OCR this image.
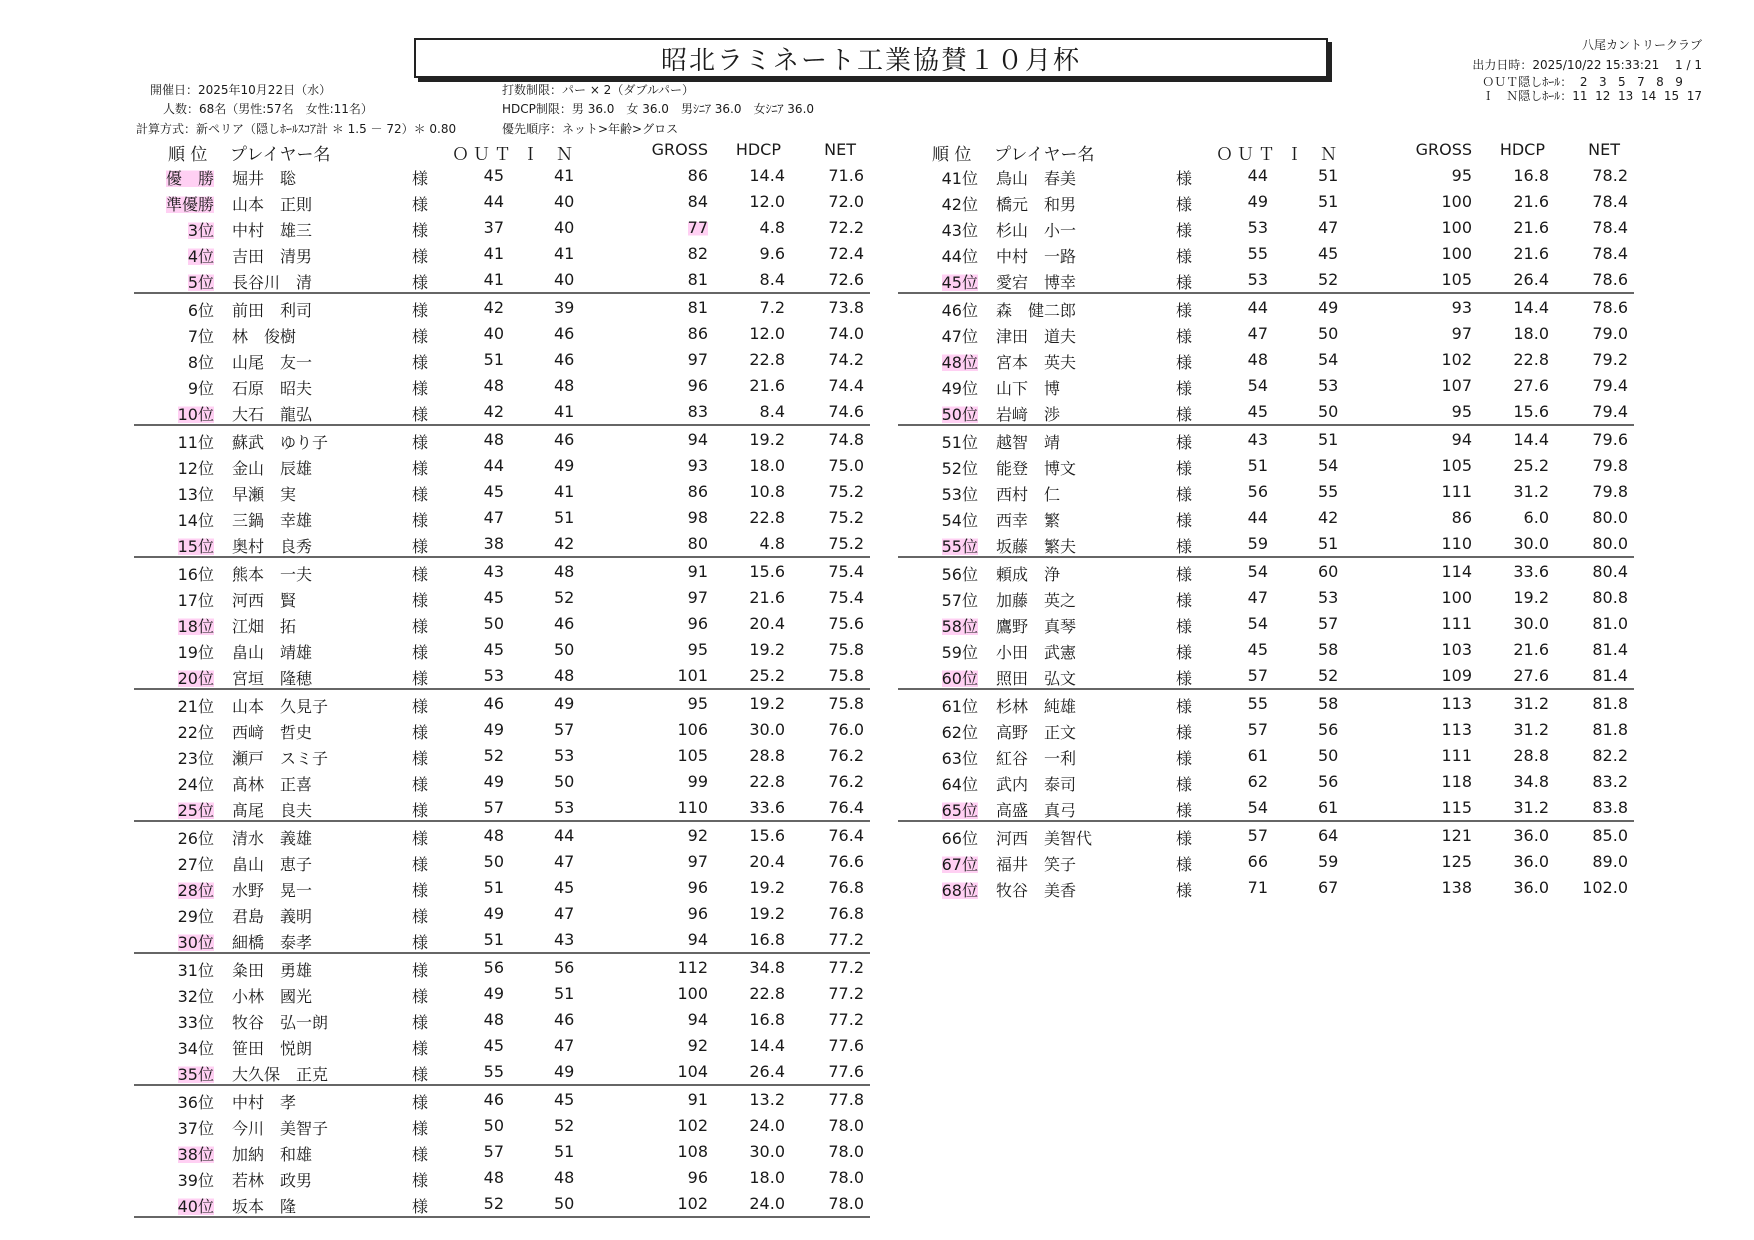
昭北ラミネート工業協賛１０月杯
八尾カントリークラブ
出力日時：2025/10/22 15:33:21　 1 / 1
ＯＵＴ隠しﾎｰﾙ：  2   3   5   7   8   9
Ｉ　Ｎ隠しﾎｰﾙ：11  12  13  14  15  17
開催日：2025年10月22日（水）
人数：68名（男性:57名　女性:11名）
計算方式：新ペリア（隠しﾎｰﾙｽｺｱ計 ＊ 1.5 － 72）＊ 0.80
打数制限：パー × 2（ダブルパー）
HDCP制限：男 36.0　女 36.0　男ｼﾆｱ 36.0　女ｼﾆｱ 36.0
優先順序：ネット>年齢>グロス
順 位 プレイヤー名	ＯＵＴ Ｉ　Ｎ	GROSS HDCP	NET
優　勝 堀井　聡	様	45	41	86	14.4	71.6
準優勝 山本　正則	様	44	40	84	12.0	72.0
3位 中村　雄三	様	37	40	77	4.8	72.2
4位 吉田　清男	様	41	41	82	9.6	72.4
5位 長谷川　清	様	41	40	81	8.4	72.6
6位 前田　利司	様	42	39	81	7.2	73.8
7位 林　俊樹	様	40	46	86	12.0	74.0
8位 山尾　友一	様	51	46	97	22.8	74.2
9位 石原　昭夫	様	48	48	96	21.6	74.4
10位 大石　龍弘	様	42	41	83	8.4	74.6
11位 蘇武　ゆり子	様	48	46	94	19.2	74.8
12位 金山　辰雄	様	44	49	93	18.0	75.0
13位 早瀬　実	様	45	41	86	10.8	75.2
14位 三鍋　幸雄	様	47	51	98	22.8	75.2
15位 奥村　良秀	様	38	42	80	4.8	75.2
16位 熊本　一夫	様	43	48	91	15.6	75.4
17位 河西　賢	様	45	52	97	21.6	75.4
18位 江畑　拓	様	50	46	96	20.4	75.6
19位 畠山　靖雄	様	45	50	95	19.2	75.8
20位 宮垣　隆穂	様	53	48	101	25.2	75.8
21位 山本　久見子	様	46	49	95	19.2	75.8
22位 西﨑　哲史	様	49	57	106	30.0	76.0
23位 瀬戸　スミ子	様	52	53	105	28.8	76.2
24位 髙林　正喜	様	49	50	99	22.8	76.2
25位 髙尾　良夫	様	57	53	110	33.6	76.4
26位 清水　義雄	様	48	44	92	15.6	76.4
27位 畠山　恵子	様	50	47	97	20.4	76.6
28位 水野　晃一	様	51	45	96	19.2	76.8
29位 君島　義明	様	49	47	96	19.2	76.8
30位 細橋　泰孝	様	51	43	94	16.8	77.2
31位 粂田　勇雄	様	56	56	112	34.8	77.2
32位 小林　國光	様	49	51	100	22.8	77.2
33位 牧谷　弘一朗	様	48	46	94	16.8	77.2
34位 笹田　悦朗	様	45	47	92	14.4	77.6
35位 大久保　正克	様	55	49	104	26.4	77.6
36位 中村　孝	様	46	45	91	13.2	77.8
37位 今川　美智子	様	50	52	102	24.0	78.0
38位 加納　和雄	様	57	51	108	30.0	78.0
39位 若林　政男	様	48	48	96	18.0	78.0
40位 坂本　隆	様	52	50	102	24.0	78.0
順 位 プレイヤー名	ＯＵＴ Ｉ　Ｎ	GROSS HDCP	NET
41位 鳥山　春美	様	44	51	95	16.8	78.2
42位 橋元　和男	様	49	51	100	21.6	78.4
43位 杉山　小一	様	53	47	100	21.6	78.4
44位 中村　一路	様	55	45	100	21.6	78.4
45位 愛宕　博幸	様	53	52	105	26.4	78.6
46位 森　健二郎	様	44	49	93	14.4	78.6
47位 津田　道夫	様	47	50	97	18.0	79.0
48位 宮本　英夫	様	48	54	102	22.8	79.2
49位 山下　博	様	54	53	107	27.6	79.4
50位 岩﨑　渉	様	45	50	95	15.6	79.4
51位 越智　靖	様	43	51	94	14.4	79.6
52位 能登　博文	様	51	54	105	25.2	79.8
53位 西村　仁	様	56	55	111	31.2	79.8
54位 西幸　繁	様	44	42	86	6.0	80.0
55位 坂藤　繁夫	様	59	51	110	30.0	80.0
56位 頼成　浄	様	54	60	114	33.6	80.4
57位 加藤　英之	様	47	53	100	19.2	80.8
58位 鷹野　真琴	様	54	57	111	30.0	81.0
59位 小田　武憲	様	45	58	103	21.6	81.4
60位 照田　弘文	様	57	52	109	27.6	81.4
61位 杉林　純雄	様	55	58	113	31.2	81.8
62位 高野　正文	様	57	56	113	31.2	81.8
63位 紅谷　一利	様	61	50	111	28.8	82.2
64位 武内　泰司	様	62	56	118	34.8	83.2
65位 高盛　真弓	様	54	61	115	31.2	83.8
66位 河西　美智代	様	57	64	121	36.0	85.0
67位 福井　笑子	様	66	59	125	36.0	89.0
68位 牧谷　美香	様	71	67	138	36.0 102.0
